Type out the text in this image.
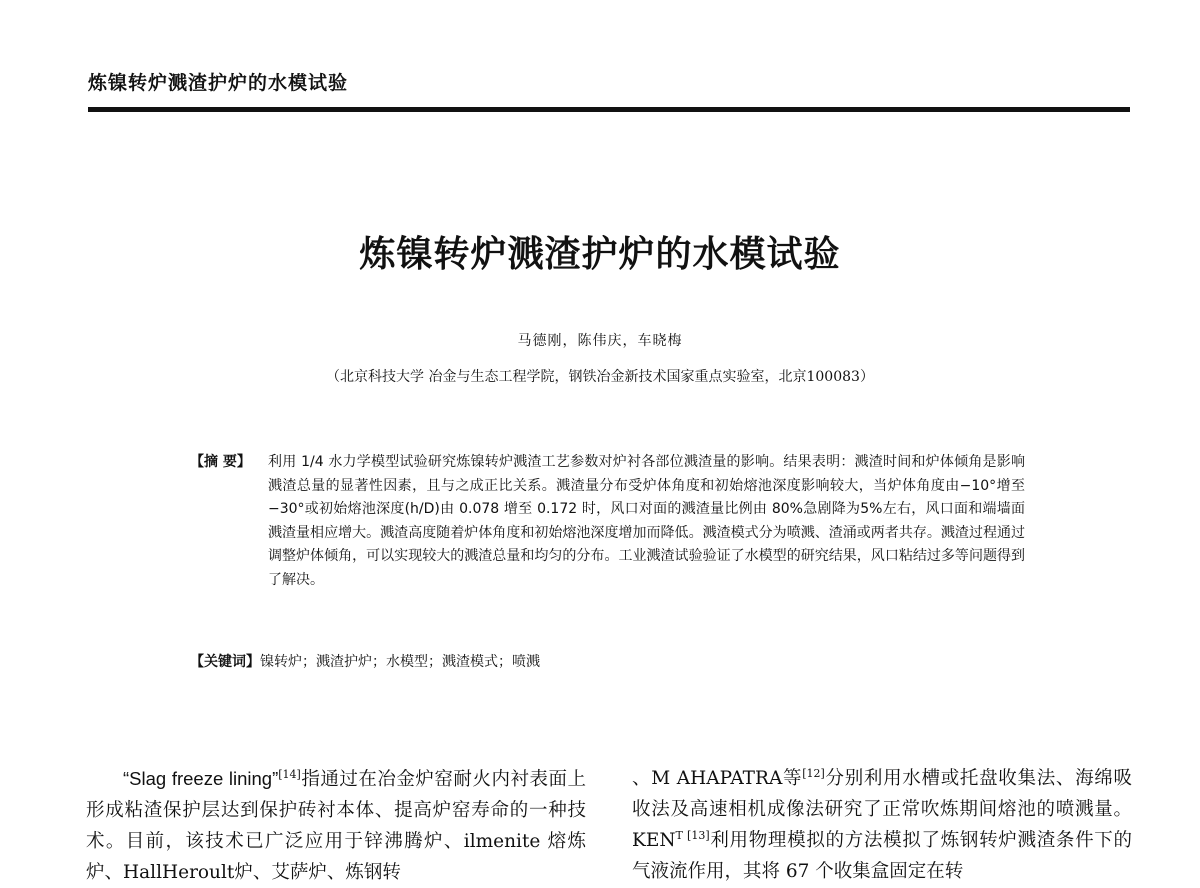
炼镍转炉溅渣护炉的水模试验
炼镍转炉溅渣护炉的水模试验
马德刚，陈伟庆，车晓梅
（北京科技大学 冶金与生态工程学院，钢铁冶金新技术国家重点实验室，北京100083）
【摘 要】	利用 1/4 水力学模型试验研究炼镍转炉溅渣工艺参数对炉衬各部位溅渣量的影响。结果表明：溅渣时间和炉体倾角是影响溅渣总量的显著性因素，且与之成正比关系。溅渣量分布受炉体角度和初始熔池深度影响较大，当炉体角度由−10°增至−30°或初始熔池深度(h/D)由 0.078 增至 0.172 时，风口对面的溅渣量比例由 80%急剧降为5%左右，风口面和端墙面溅渣量相应增大。溅渣高度随着炉体角度和初始熔池深度增加而降低。溅渣模式分为喷溅、渣涌或两者共存。溅渣过程通过调整炉体倾角，可以实现较大的溅渣总量和均匀的分布。工业溅渣试验验证了水模型的研究结果，风口粘结过多等问题得到了解决。
【关键词】镍转炉；溅渣护炉；水模型；溅渣模式；喷溅
“Slag freeze lining”[14]指通过在冶金炉窑耐火内衬表面上形成粘渣保护层达到保护砖衬本体、提高炉窑寿命的一种技术。目前，该技术已广泛应用于锌沸腾炉、ilmenite 熔炼炉、HallHeroult炉、艾萨炉、炼钢转
、M AHAPATRA等[12]分别利用水槽或托盘收集法、海绵吸收法及高速相机成像法研究了正常吹炼期间熔池的喷溅量。$KEN^{T [13]}$利用物理模拟的方法模拟了炼钢转炉溅渣条件下的气液流作用，其将 67 个收集盒固定在转
